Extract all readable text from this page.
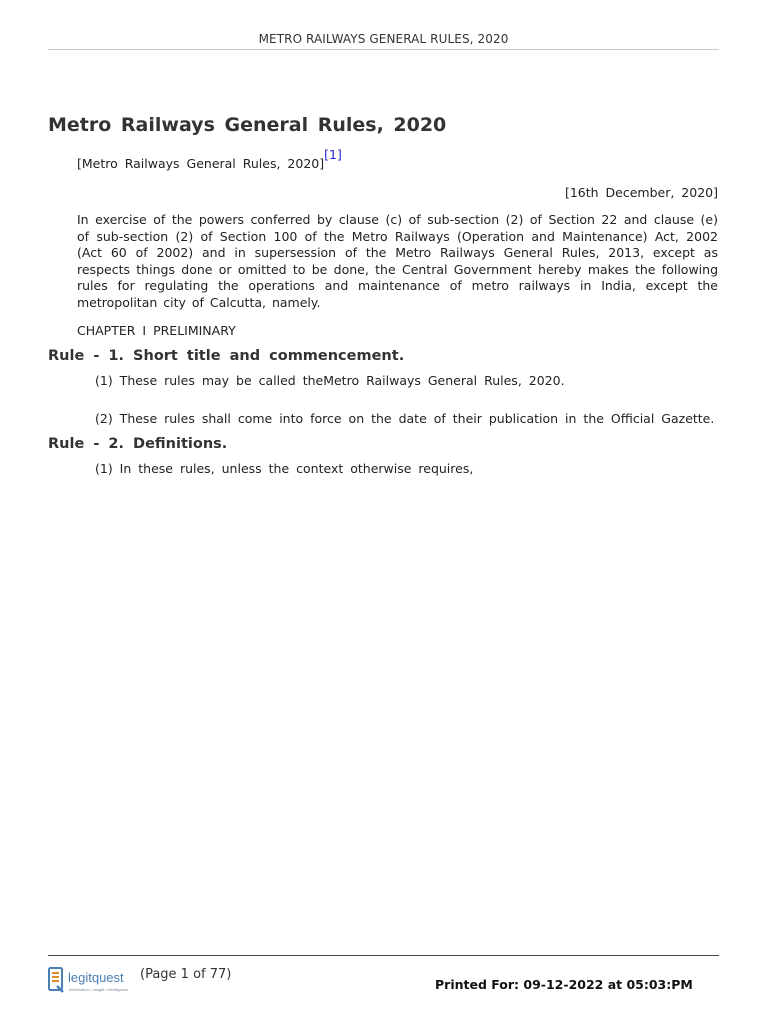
METRO RAILWAYS GENERAL RULES, 2020
Metro Railways General Rules, 2020
[Metro Railways General Rules, 2020][1]
[16th December, 2020]

In exercise of the powers conferred by clause (c) of sub-section (2) of Section 22 and clause (e) of sub-section (2) of Section 100 of the Metro Railways (Operation and Maintenance) Act, 2002 (Act 60 of 2002) and in supersession of the Metro Railways General Rules, 2013, except as respects things done or omitted to be done, the Central Government hereby makes the following rules for regulating the operations and maintenance of metro railways in India, except the metropolitan city of Calcutta, namely.

CHAPTER I PRELIMINARY
Rule - 1. Short title and commencement.

(1) These rules may be called theMetro Railways General Rules, 2020.

(2) These rules shall come into force on the date of their publication in the Official Gazette.

Rule - 2. Definitions.

(1) In these rules, unless the context otherwise requires,

legitquest
Information • Insight • Intelligence
(Page 1 of 77)
Printed For: 09-12-2022 at 05:03:PM
